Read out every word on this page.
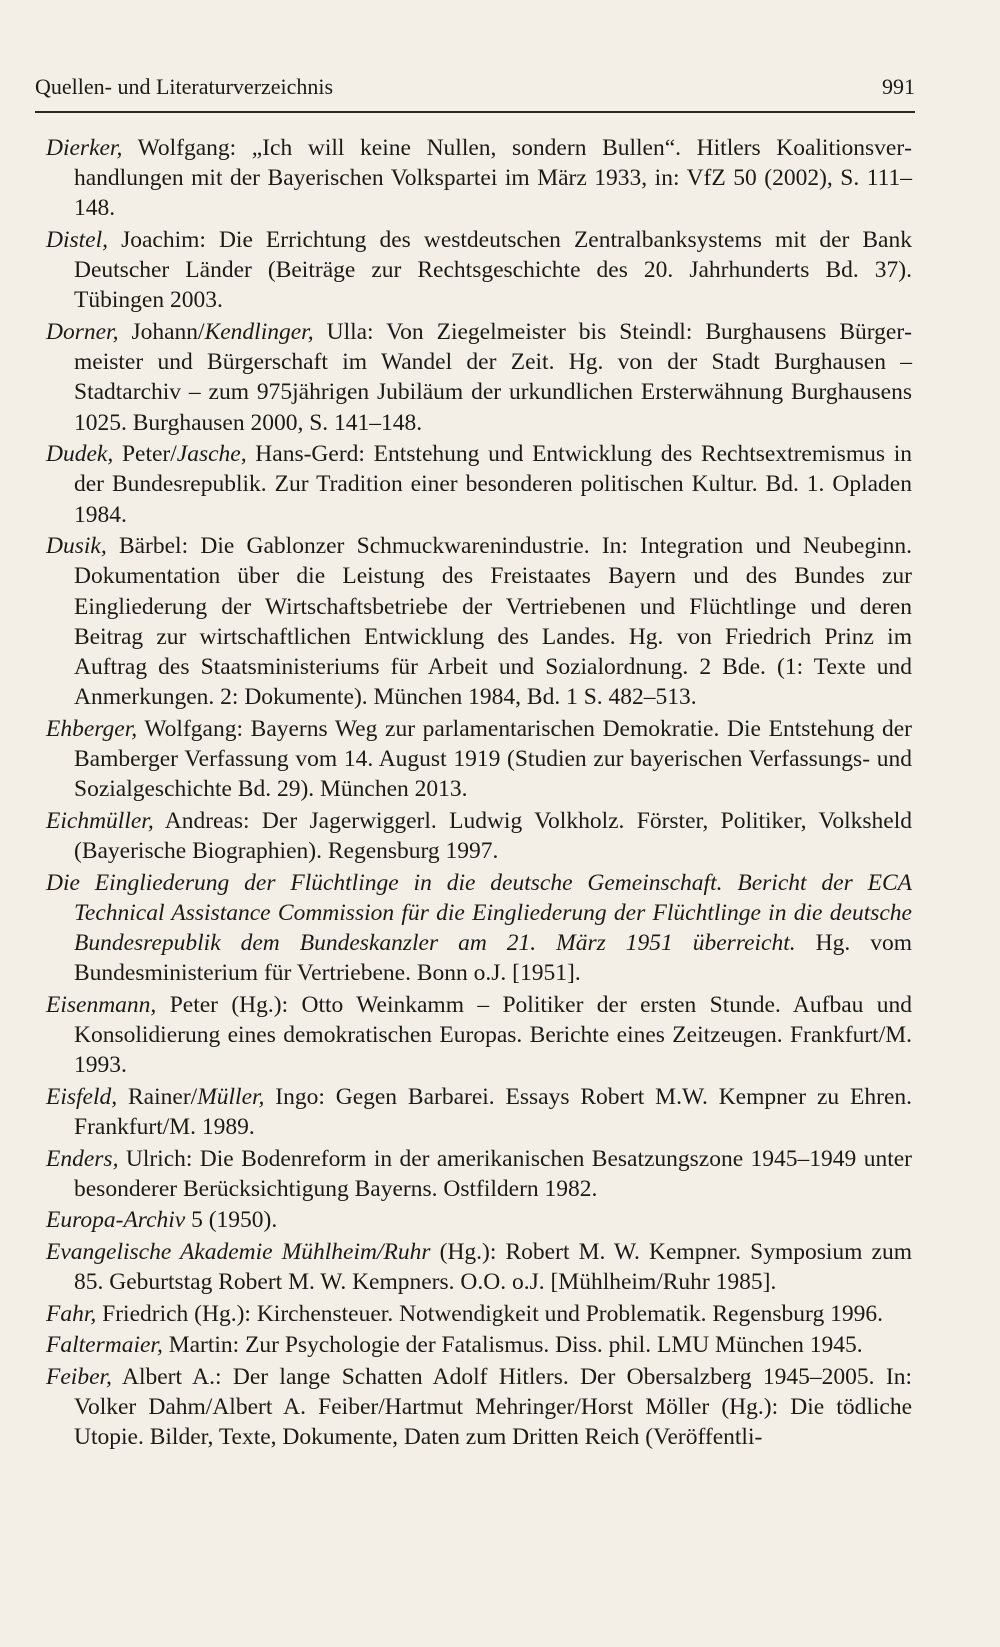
Quellen- und Literaturverzeichnis	991

Dierker, Wolfgang: „Ich will keine Nullen, sondern Bullen“. Hitlers Koalitionsverhandlungen mit der Bayerischen Volkspartei im März 1933, in: VfZ 50 (2002), S. 111–148.

Distel, Joachim: Die Errichtung des westdeutschen Zentralbanksystems mit der Bank Deutscher Länder (Beiträge zur Rechtsgeschichte des 20. Jahrhunderts Bd. 37). Tübingen 2003.

Dorner, Johann/Kendlinger, Ulla: Von Ziegelmeister bis Steindl: Burghausens Bürgermeister und Bürgerschaft im Wandel der Zeit. Hg. von der Stadt Burghausen – Stadtarchiv – zum 975jährigen Jubiläum der urkundlichen Ersterwähnung Burghausens 1025. Burghausen 2000, S. 141–148.

Dudek, Peter/Jasche, Hans-Gerd: Entstehung und Entwicklung des Rechtsextremismus in der Bundesrepublik. Zur Tradition einer besonderen politischen Kultur. Bd. 1. Opladen 1984.

Dusik, Bärbel: Die Gablonzer Schmuckwarenindustrie. In: Integration und Neubeginn. Dokumentation über die Leistung des Freistaates Bayern und des Bundes zur Eingliederung der Wirtschaftsbetriebe der Vertriebenen und Flüchtlinge und deren Beitrag zur wirtschaftlichen Entwicklung des Landes. Hg. von Friedrich Prinz im Auftrag des Staatsministeriums für Arbeit und Sozialordnung. 2 Bde. (1: Texte und Anmerkungen. 2: Dokumente). München 1984, Bd. 1 S. 482–513.

Ehberger, Wolfgang: Bayerns Weg zur parlamentarischen Demokratie. Die Entstehung der Bamberger Verfassung vom 14. August 1919 (Studien zur bayerischen Verfassungs- und Sozialgeschichte Bd. 29). München 2013.

Eichmüller, Andreas: Der Jagerwiggerl. Ludwig Volkholz. Förster, Politiker, Volksheld (Bayerische Biographien). Regensburg 1997.

Die Eingliederung der Flüchtlinge in die deutsche Gemeinschaft. Bericht der ECA Technical Assistance Commission für die Eingliederung der Flüchtlinge in die deutsche Bundesrepublik dem Bundeskanzler am 21. März 1951 überreicht. Hg. vom Bundesministerium für Vertriebene. Bonn o.J. [1951].

Eisenmann, Peter (Hg.): Otto Weinkamm – Politiker der ersten Stunde. Aufbau und Konsolidierung eines demokratischen Europas. Berichte eines Zeitzeugen. Frankfurt/M. 1993.

Eisfeld, Rainer/Müller, Ingo: Gegen Barbarei. Essays Robert M.W. Kempner zu Ehren. Frankfurt/M. 1989.

Enders, Ulrich: Die Bodenreform in der amerikanischen Besatzungszone 1945–1949 unter besonderer Berücksichtigung Bayerns. Ostfildern 1982.

Europa-Archiv 5 (1950).

Evangelische Akademie Mühlheim/Ruhr (Hg.): Robert M. W. Kempner. Symposium zum 85. Geburtstag Robert M. W. Kempners. O.O. o.J. [Mühlheim/Ruhr 1985].

Fahr, Friedrich (Hg.): Kirchensteuer. Notwendigkeit und Problematik. Regensburg 1996.

Faltermaier, Martin: Zur Psychologie der Fatalismus. Diss. phil. LMU München 1945.

Feiber, Albert A.: Der lange Schatten Adolf Hitlers. Der Obersalzberg 1945–2005. In: Volker Dahm/Albert A. Feiber/Hartmut Mehringer/Horst Möller (Hg.): Die tödliche Utopie. Bilder, Texte, Dokumente, Daten zum Dritten Reich (Veröffentli-
